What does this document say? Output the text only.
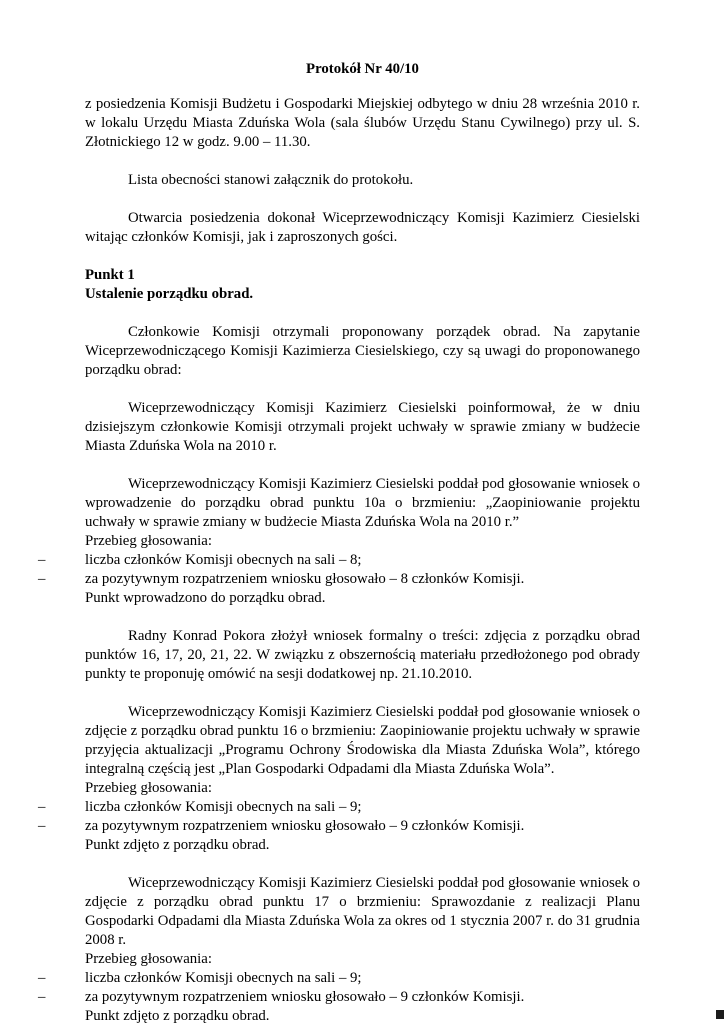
Protokół Nr 40/10

z posiedzenia Komisji Budżetu i Gospodarki Miejskiej odbytego w dniu 28 września 2010 r. w lokalu Urzędu Miasta Zduńska Wola (sala ślubów Urzędu Stanu Cywilnego) przy ul. S. Złotnickiego 12 w godz. 9.00 – 11.30.

Lista obecności stanowi załącznik do protokołu.

Otwarcia posiedzenia dokonał Wiceprzewodniczący Komisji Kazimierz Ciesielski witając członków Komisji, jak i zaproszonych gości.

Punkt 1

Ustalenie porządku obrad.

Członkowie Komisji otrzymali proponowany porządek obrad. Na zapytanie Wiceprzewodniczącego Komisji Kazimierza Ciesielskiego, czy są uwagi do proponowanego porządku obrad:

Wiceprzewodniczący Komisji Kazimierz Ciesielski poinformował, że w dniu dzisiejszym członkowie Komisji otrzymali projekt uchwały w sprawie zmiany w budżecie Miasta Zduńska Wola na 2010 r.

Wiceprzewodniczący Komisji Kazimierz Ciesielski poddał pod głosowanie wniosek o wprowadzenie do porządku obrad punktu 10a o brzmieniu: „Zaopiniowanie projektu uchwały w sprawie zmiany w budżecie Miasta Zduńska Wola na 2010 r.”

Przebieg głosowania:

–	liczba członków Komisji obecnych na sali – 8;

–	za pozytywnym rozpatrzeniem wniosku głosowało – 8 członków Komisji.

Punkt wprowadzono do porządku obrad.

Radny Konrad Pokora złożył wniosek formalny o treści: zdjęcia z porządku obrad punktów 16, 17, 20, 21, 22. W związku z obszernością materiału przedłożonego pod obrady punkty te proponuję omówić na sesji dodatkowej np. 21.10.2010.

Wiceprzewodniczący Komisji Kazimierz Ciesielski poddał pod głosowanie wniosek o zdjęcie z porządku obrad punktu 16 o brzmieniu: Zaopiniowanie projektu uchwały w sprawie przyjęcia aktualizacji „Programu Ochrony Środowiska dla Miasta Zduńska Wola”, którego integralną częścią jest „Plan Gospodarki Odpadami dla Miasta Zduńska Wola”.

Przebieg głosowania:

–	liczba członków Komisji obecnych na sali – 9;

–	za pozytywnym rozpatrzeniem wniosku głosowało – 9 członków Komisji.

Punkt zdjęto z porządku obrad.

Wiceprzewodniczący Komisji Kazimierz Ciesielski poddał pod głosowanie wniosek o zdjęcie z porządku obrad punktu 17 o brzmieniu: Sprawozdanie z realizacji Planu Gospodarki Odpadami dla Miasta Zduńska Wola za okres od 1 stycznia 2007 r. do 31 grudnia 2008 r.

Przebieg głosowania:

–	liczba członków Komisji obecnych na sali – 9;

–	za pozytywnym rozpatrzeniem wniosku głosowało – 9 członków Komisji.

Punkt zdjęto z porządku obrad.
